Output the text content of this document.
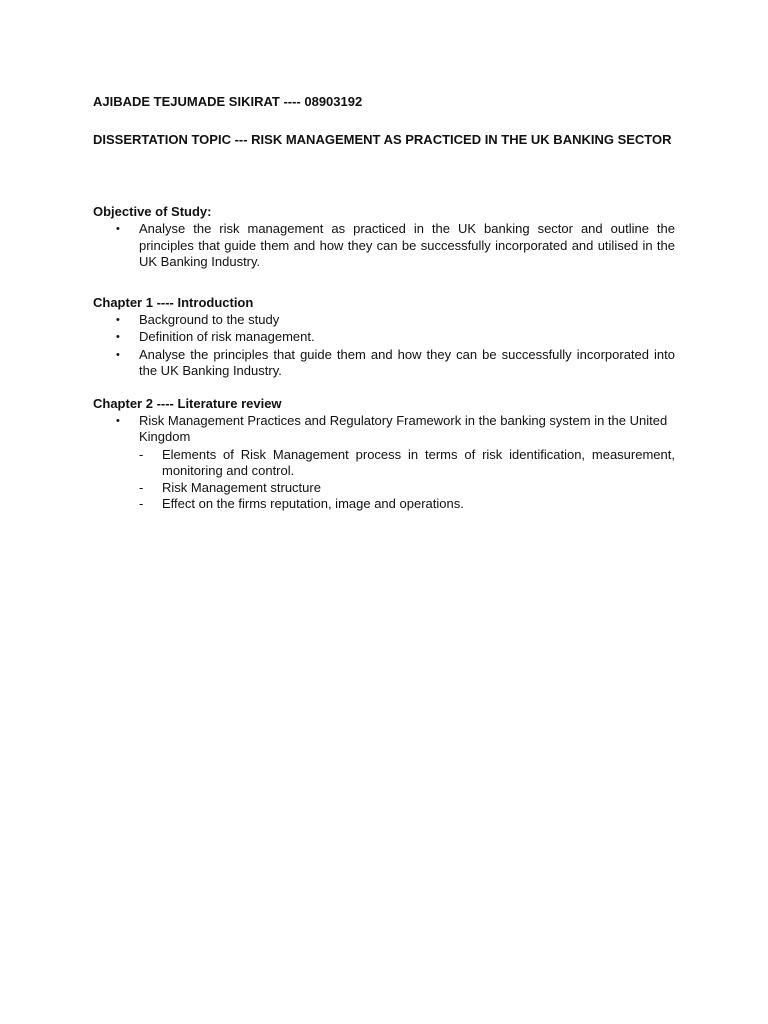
AJIBADE TEJUMADE SIKIRAT ---- 08903192

DISSERTATION TOPIC --- RISK MANAGEMENT AS PRACTICED IN THE UK BANKING SECTOR

Objective of Study:

• Analyse the risk management as practiced in the UK banking sector and outline the principles that guide them and how they can be successfully incorporated and utilised in the UK Banking Industry.

Chapter 1 ---- Introduction

• Background to the study
• Definition of risk management.
• Analyse the principles that guide them and how they can be successfully incorporated into the UK Banking Industry.

Chapter 2 ---- Literature review

• Risk Management Practices and Regulatory Framework in the banking system in the United Kingdom
- Elements of Risk Management process in terms of risk identification, measurement, monitoring and control.
- Risk Management structure
- Effect on the firms reputation, image and operations.
